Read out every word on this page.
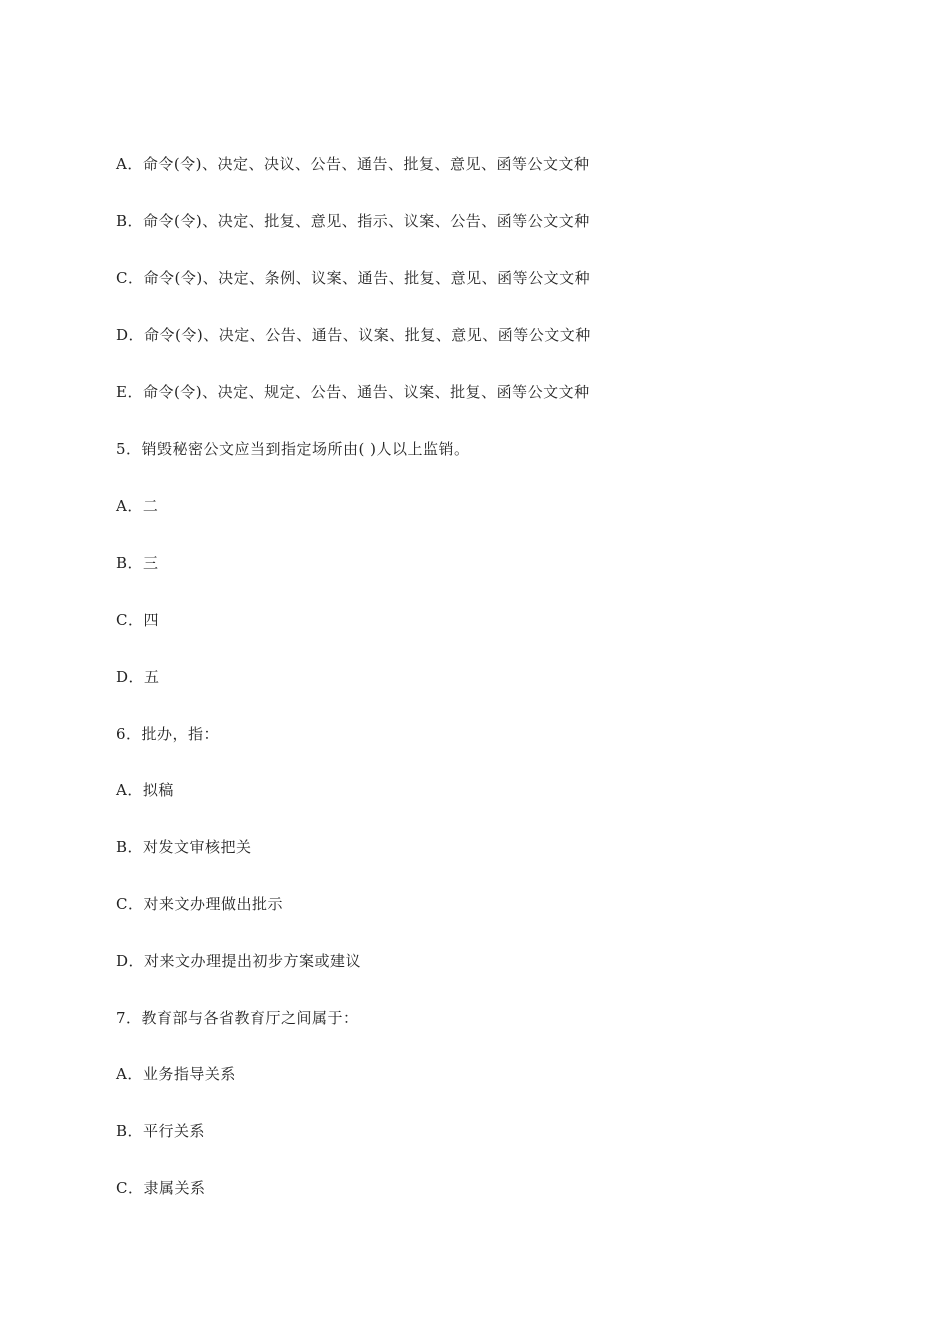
A．命令(令)、决定、决议、公告、通告、批复、意见、函等公文文种
B．命令(令)、决定、批复、意见、指示、议案、公告、函等公文文种
C．命令(令)、决定、条例、议案、通告、批复、意见、函等公文文种
D．命令(令)、决定、公告、通告、议案、批复、意见、函等公文文种
E．命令(令)、决定、规定、公告、通告、议案、批复、函等公文文种
5．销毁秘密公文应当到指定场所由( )人以上监销。
A．二
B．三
C．四
D．五
6．批办，指：
A．拟稿
B．对发文审核把关
C．对来文办理做出批示
D．对来文办理提出初步方案或建议
7．教育部与各省教育厅之间属于：
A．业务指导关系
B．平行关系
C．隶属关系
